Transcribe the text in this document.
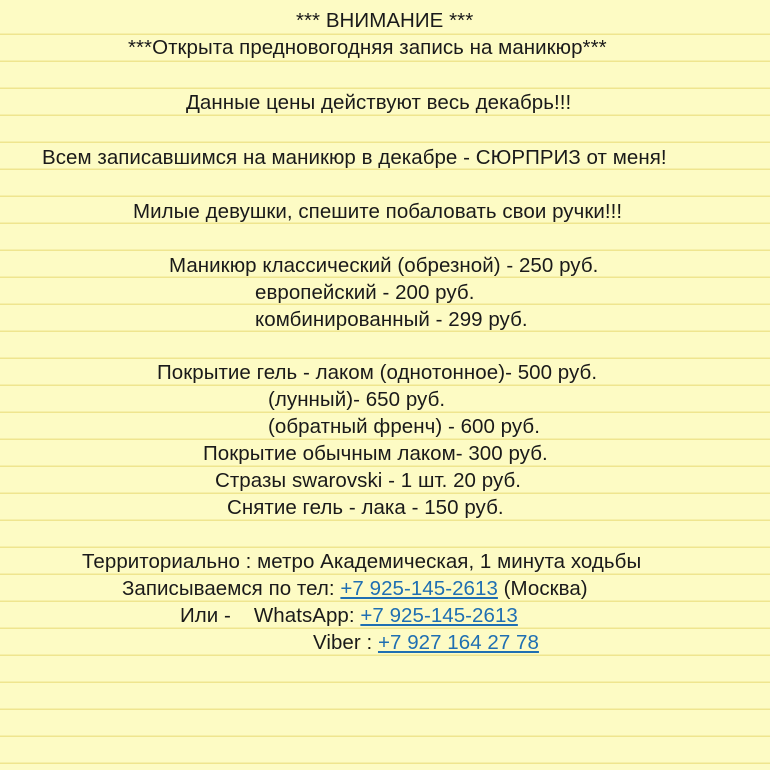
*** ВНИМАНИЕ ***
***Открыта предновогодняя запись на маникюр***
Данные цены действуют весь декабрь!!!
Всем записавшимся на маникюр в декабре - СЮРПРИЗ от меня!
Милые девушки, спешите побаловать свои ручки!!!
Маникюр классический (обрезной) - 250 руб.
европейский - 200 руб.
комбинированный - 299 руб.
Покрытие гель - лаком (однотонное)- 500 руб.
(лунный)- 650 руб.
(обратный френч) - 600 руб.
Покрытие обычным лаком- 300 руб.
Стразы swarovski - 1 шт. 20 руб.
Снятие гель - лака - 150 руб.
Территориально : метро Академическая, 1 минута ходьбы
Записываемся по тел: +7 925-145-2613 (Москва)
Или -    WhatsApp: +7 925-145-2613
Viber : +7 927 164 27 78
